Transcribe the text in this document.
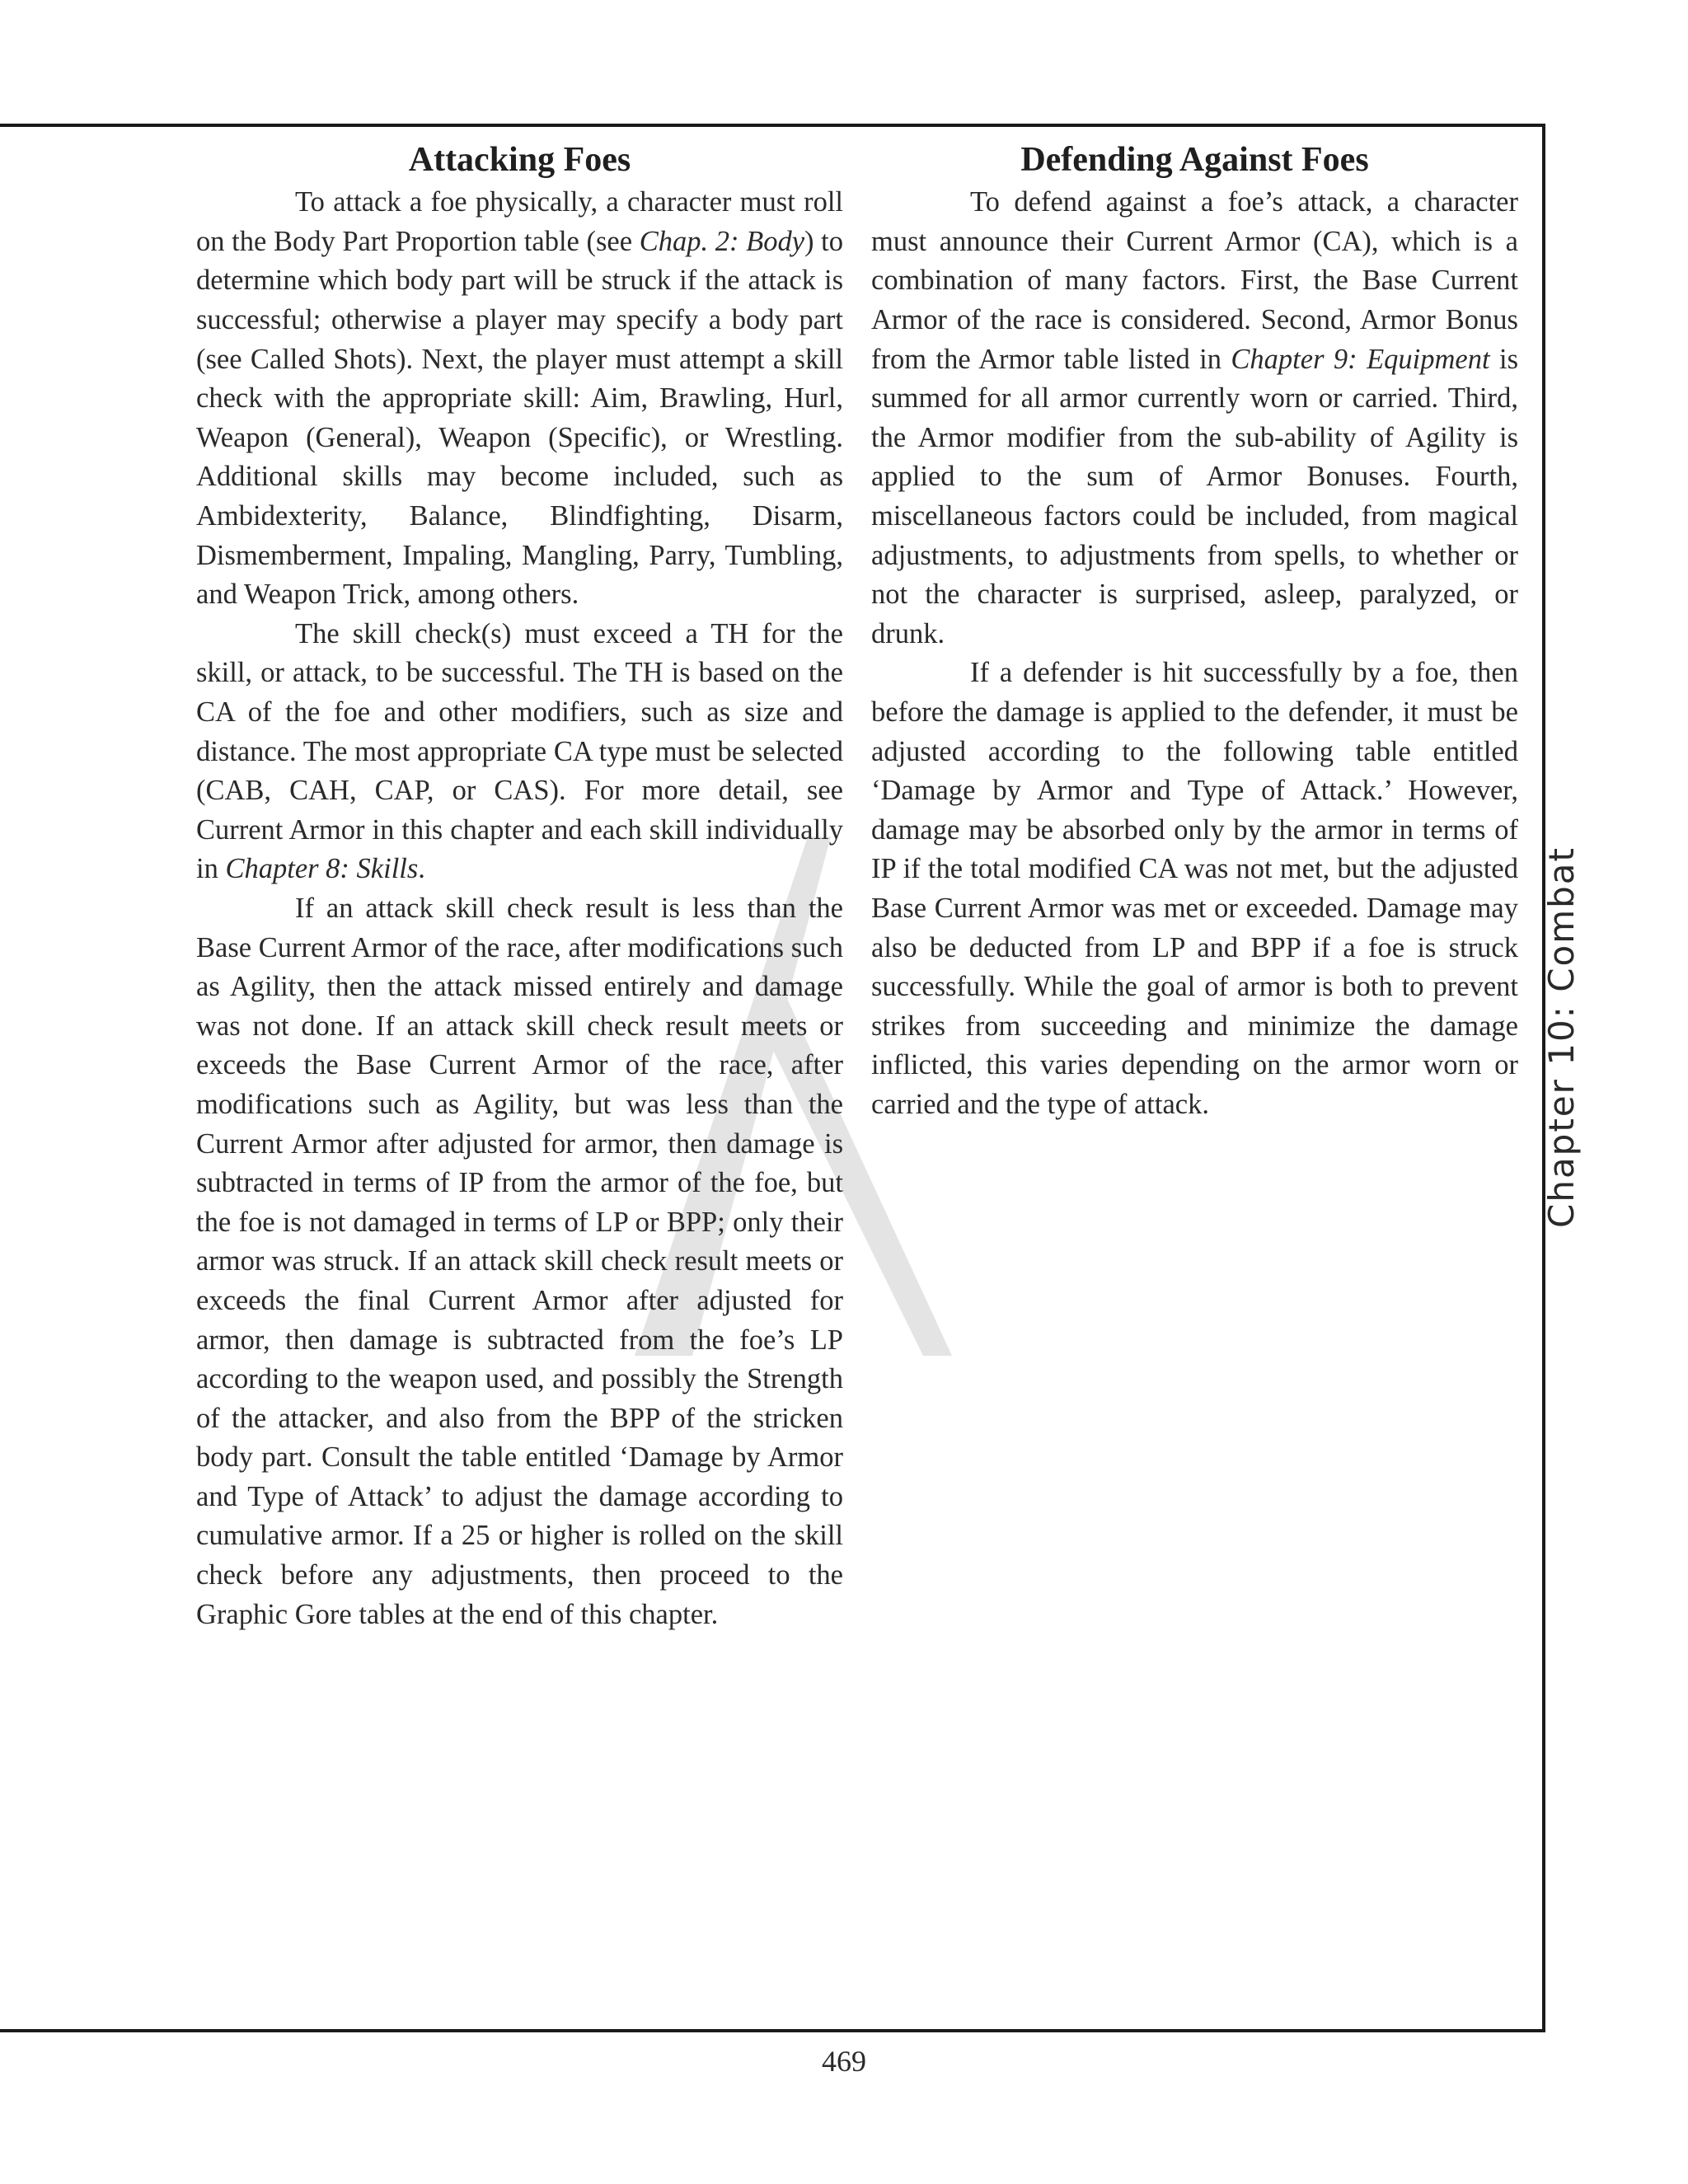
Attacking Foes

To attack a foe physically, a character must roll on the Body Part Proportion table (see Chap. 2: Body) to determine which body part will be struck if the attack is successful; otherwise a player may specify a body part (see Called Shots). Next, the player must attempt a skill check with the appropriate skill: Aim, Brawling, Hurl, Weapon (General), Weapon (Specific), or Wrestling. Additional skills may become included, such as Ambidexterity, Balance, Blindfighting, Disarm, Dismemberment, Impaling, Mangling, Parry, Tumbling, and Weapon Trick, among others.

The skill check(s) must exceed a TH for the skill, or attack, to be successful. The TH is based on the CA of the foe and other modifiers, such as size and distance. The most appropriate CA type must be selected (CAB, CAH, CAP, or CAS). For more detail, see Current Armor in this chapter and each skill individually in Chapter 8: Skills.

If an attack skill check result is less than the Base Current Armor of the race, after modifications such as Agility, then the attack missed entirely and damage was not done. If an attack skill check result meets or exceeds the Base Current Armor of the race, after modifications such as Agility, but was less than the Current Armor after adjusted for armor, then damage is subtracted in terms of IP from the armor of the foe, but the foe is not damaged in terms of LP or BPP; only their armor was struck. If an attack skill check result meets or exceeds the final Current Armor after adjusted for armor, then damage is subtracted from the foe’s LP according to the weapon used, and possibly the Strength of the attacker, and also from the BPP of the stricken body part. Consult the table entitled ‘Damage by Armor and Type of Attack’ to adjust the damage according to cumulative armor. If a 25 or higher is rolled on the skill check before any adjustments, then proceed to the Graphic Gore tables at the end of this chapter.

Defending Against Foes

To defend against a foe’s attack, a character must announce their Current Armor (CA), which is a combination of many factors. First, the Base Current Armor of the race is considered. Second, Armor Bonus from the Armor table listed in Chapter 9: Equipment is summed for all armor currently worn or carried. Third, the Armor modifier from the sub-ability of Agility is applied to the sum of Armor Bonuses. Fourth, miscellaneous factors could be included, from magical adjustments, to adjustments from spells, to whether or not the character is surprised, asleep, paralyzed, or drunk.

If a defender is hit successfully by a foe, then before the damage is applied to the defender, it must be adjusted according to the following table entitled ‘Damage by Armor and Type of Attack.’ However, damage may be absorbed only by the armor in terms of IP if the total modified CA was not met, but the adjusted Base Current Armor was met or exceeded. Damage may also be deducted from LP and BPP if a foe is struck successfully. While the goal of armor is both to prevent strikes from succeeding and minimize the damage inflicted, this varies depending on the armor worn or carried and the type of attack.	Chapter 10: Combat
469
